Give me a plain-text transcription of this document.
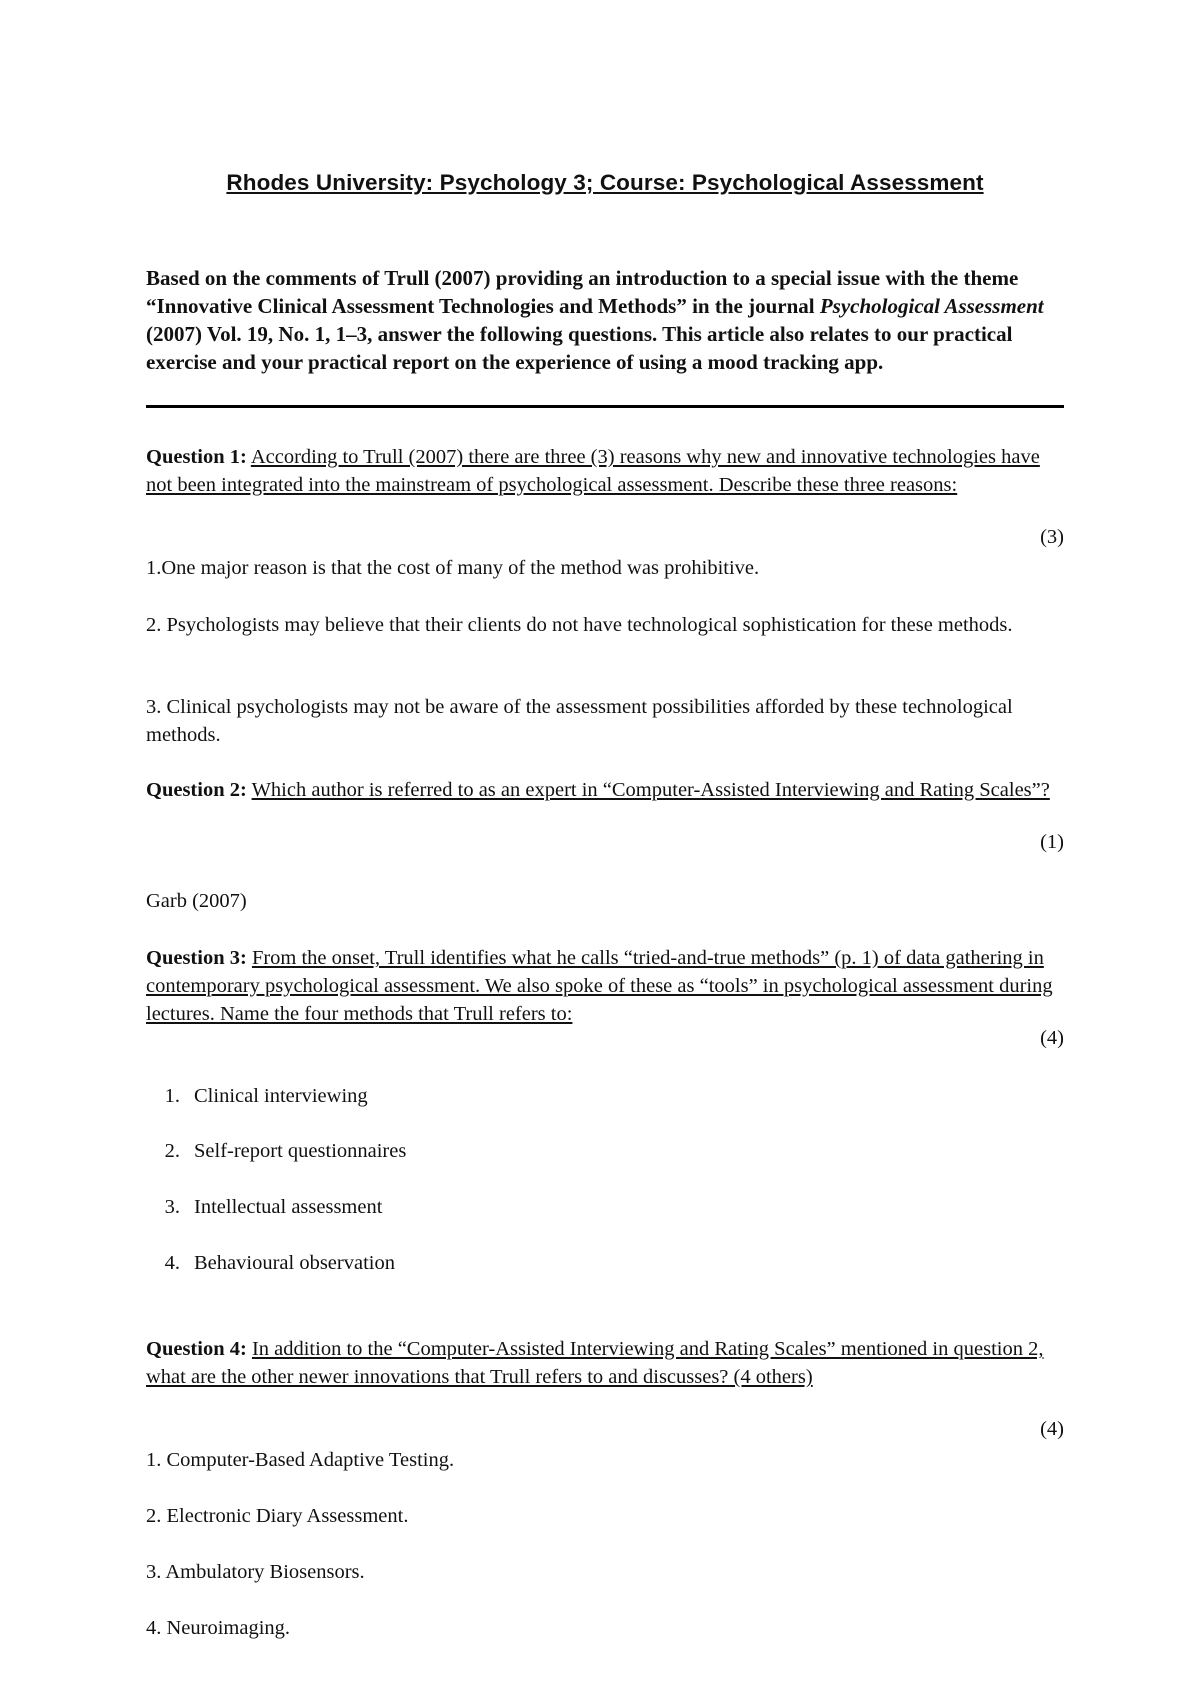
Rhodes University: Psychology 3; Course: Psychological Assessment
Based on the comments of Trull (2007) providing an introduction to a special issue with the theme “Innovative Clinical Assessment Technologies and Methods” in the journal Psychological Assessment (2007) Vol. 19, No. 1, 1–3, answer the following questions. This article also relates to our practical exercise and your practical report on the experience of using a mood tracking app.
Question 1: According to Trull (2007) there are three (3) reasons why new and innovative technologies have not been integrated into the mainstream of psychological assessment. Describe these three reasons:
(3)
1.One major reason is that the cost of many of the method was prohibitive.
2. Psychologists may believe that their clients do not have technological sophistication for these methods.
3. Clinical psychologists may not be aware of the assessment possibilities afforded by these technological methods.
Question 2: Which author is referred to as an expert in “Computer-Assisted Interviewing and Rating Scales”?
(1)
Garb (2007)
Question 3: From the onset, Trull identifies what he calls “tried-and-true methods” (p. 1) of data gathering in contemporary psychological assessment. We also spoke of these as “tools” in psychological assessment during lectures. Name the four methods that Trull refers to:
(4)
1. Clinical interviewing
2. Self-report questionnaires
3. Intellectual assessment
4. Behavioural observation
Question 4: In addition to the “Computer-Assisted Interviewing and Rating Scales” mentioned in question 2, what are the other newer innovations that Trull refers to and discusses? (4 others)
(4)
1. Computer-Based Adaptive Testing.
2. Electronic Diary Assessment.
3. Ambulatory Biosensors.
4. Neuroimaging.
